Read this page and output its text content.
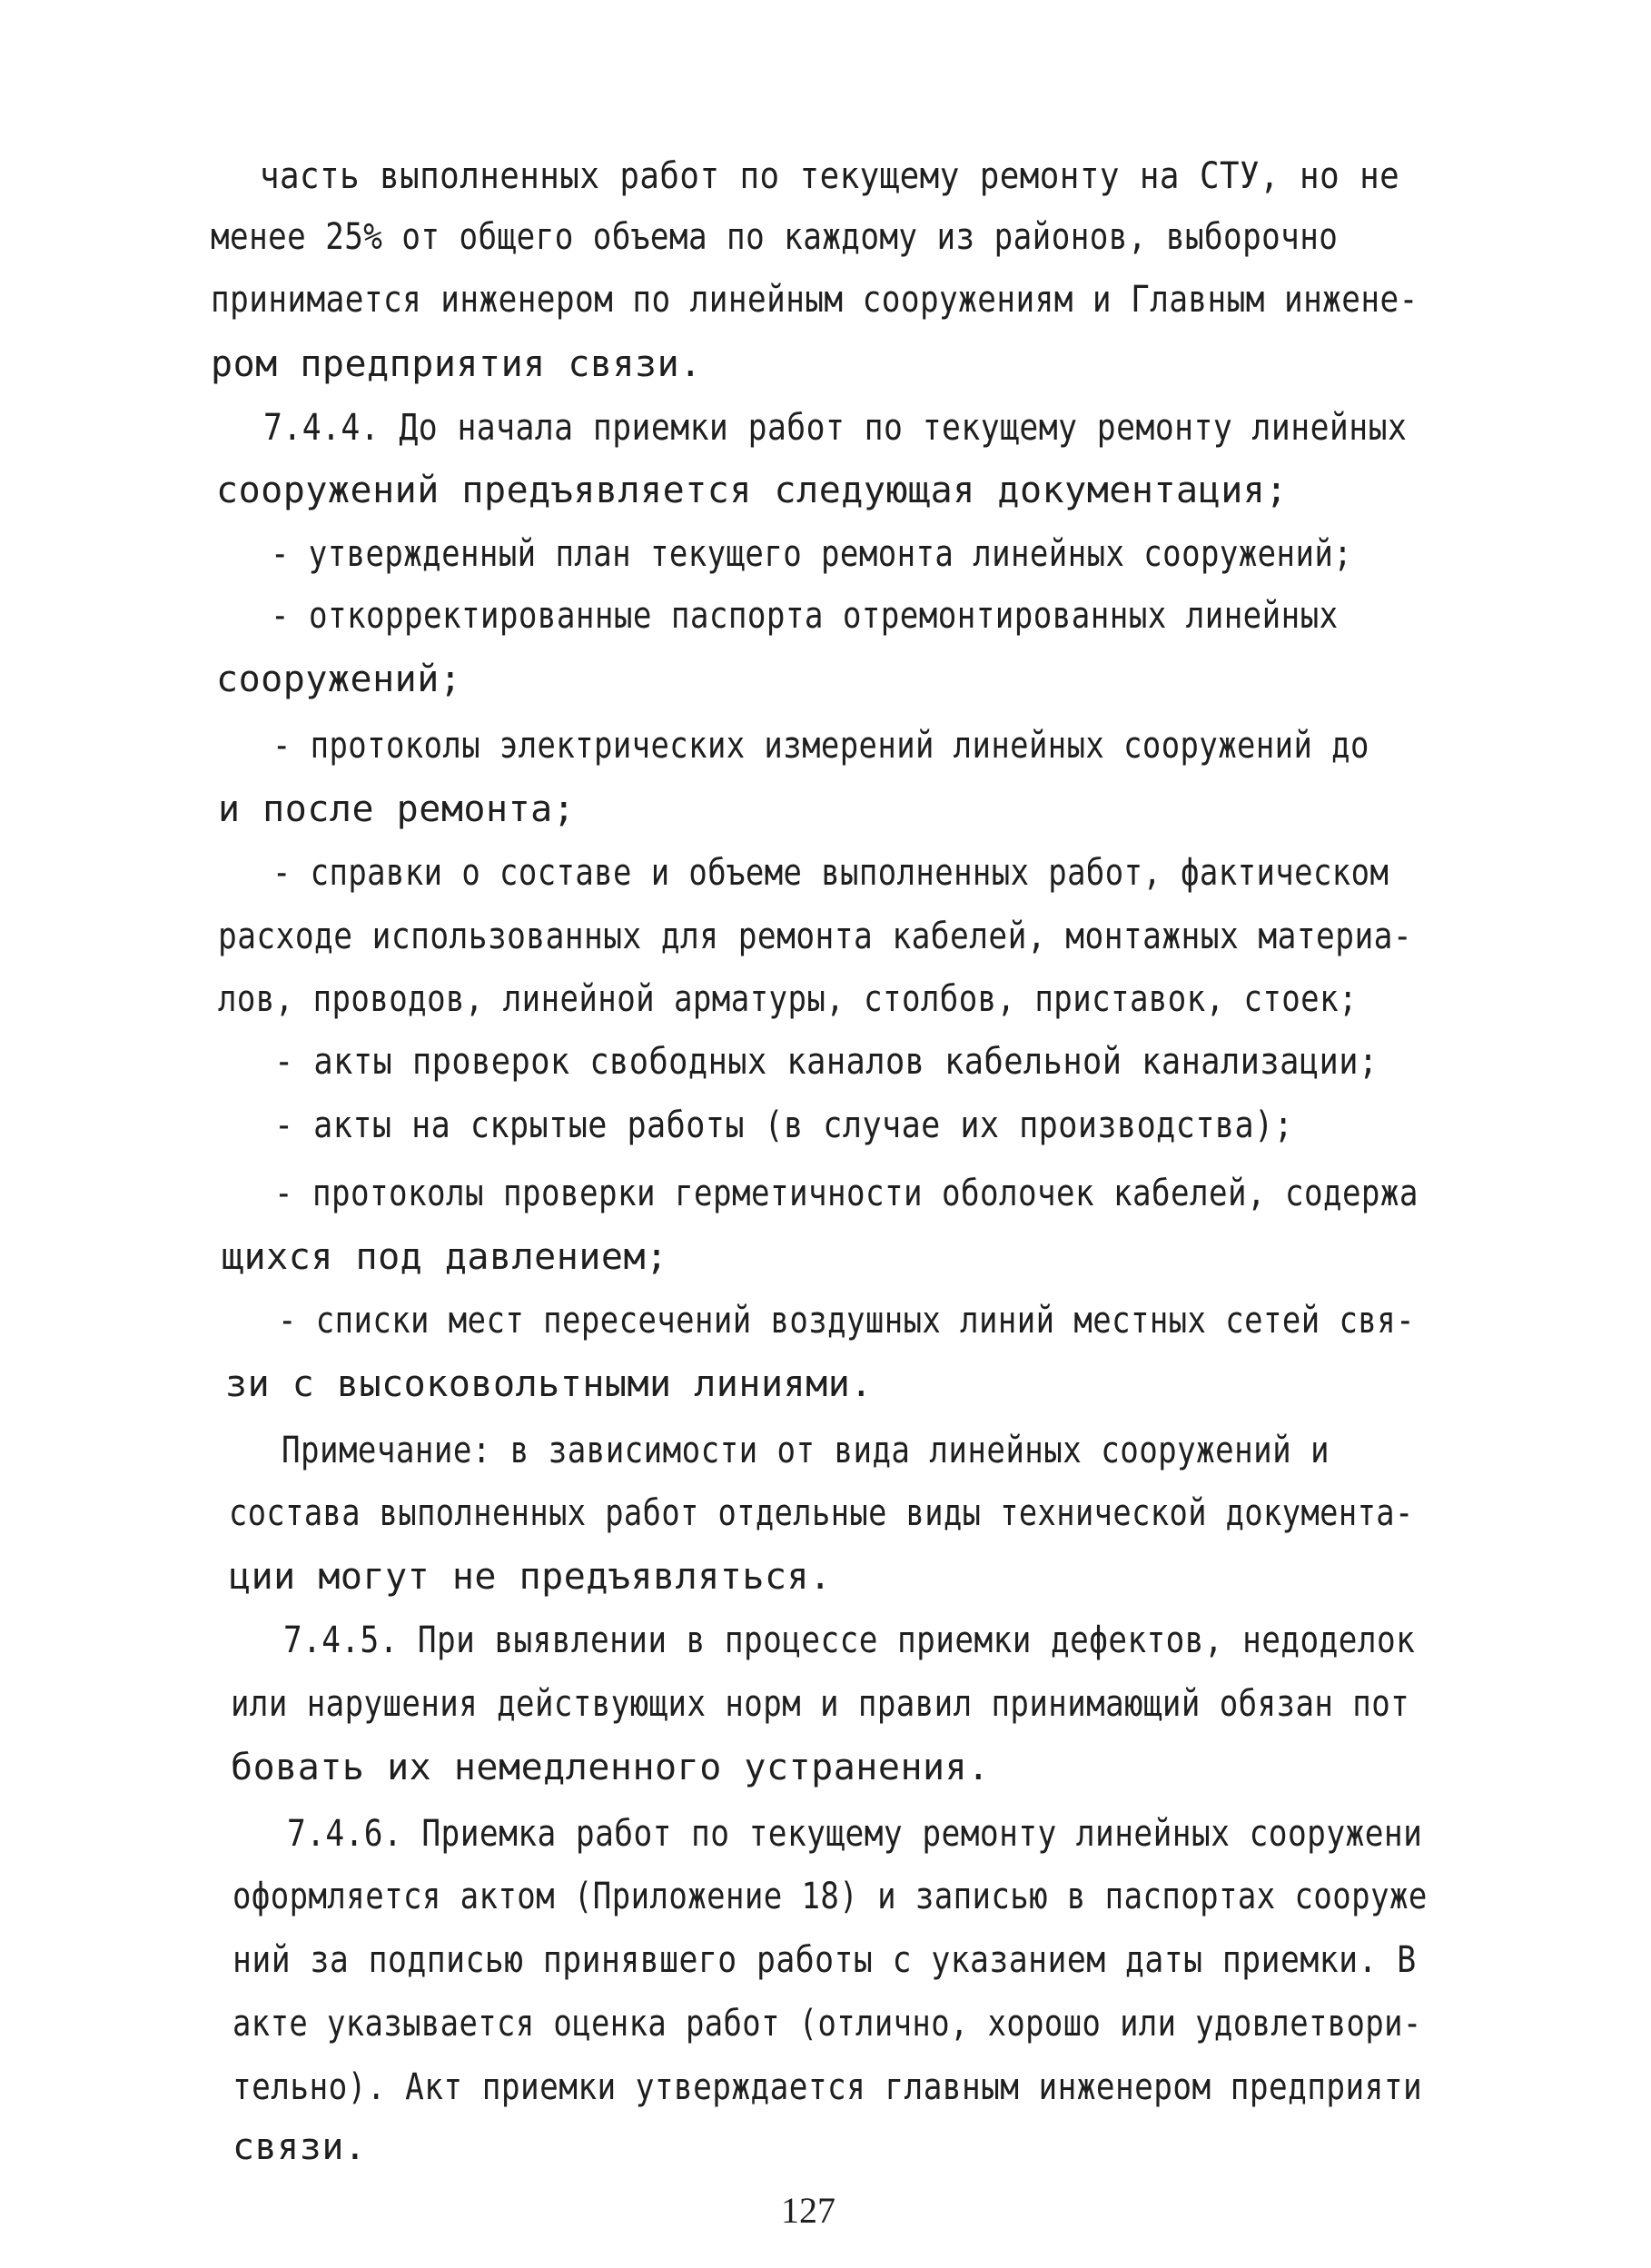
часть выполненных работ по текущему ремонту на СТУ, но не
менее 25% от общего объема по каждому из районов, выборочно
принимается инженером по линейным сооружениям и Главным инжене-
ром предприятия связи.
7.4.4. До начала приемки работ по текущему ремонту линейных
сооружений предъявляется следующая документация;
- утвержденный план текущего ремонта линейных сооружений;
- откорректированные паспорта отремонтированных линейных
сооружений;
- протоколы электрических измерений линейных сооружений до
и после ремонта;
- справки о составе и объеме выполненных работ, фактическом
расходе использованных для ремонта кабелей, монтажных материа-
лов, проводов, линейной арматуры, столбов, приставок, стоек;
- акты проверок свободных каналов кабельной канализации;
- акты на скрытые работы (в случае их производства);
- протоколы проверки герметичности оболочек кабелей, содержа
щихся под давлением;
- списки мест пересечений воздушных линий местных сетей свя-
зи с высоковольтными линиями.
Примечание: в зависимости от вида линейных сооружений и
состава выполненных работ отдельные виды технической документа-
ции могут не предъявляться.
7.4.5. При выявлении в процессе приемки дефектов, недоделок
или нарушения действующих норм и правил принимающий обязан пот
бовать их немедленного устранения.
7.4.6. Приемка работ по текущему ремонту линейных сооружени
оформляется актом (Приложение 18) и записью в паспортах сооруже
ний за подписью принявшего работы с указанием даты приемки. В
акте указывается оценка работ (отлично, хорошо или удовлетвори-
тельно). Акт приемки утверждается главным инженером предприяти
связи.
127
